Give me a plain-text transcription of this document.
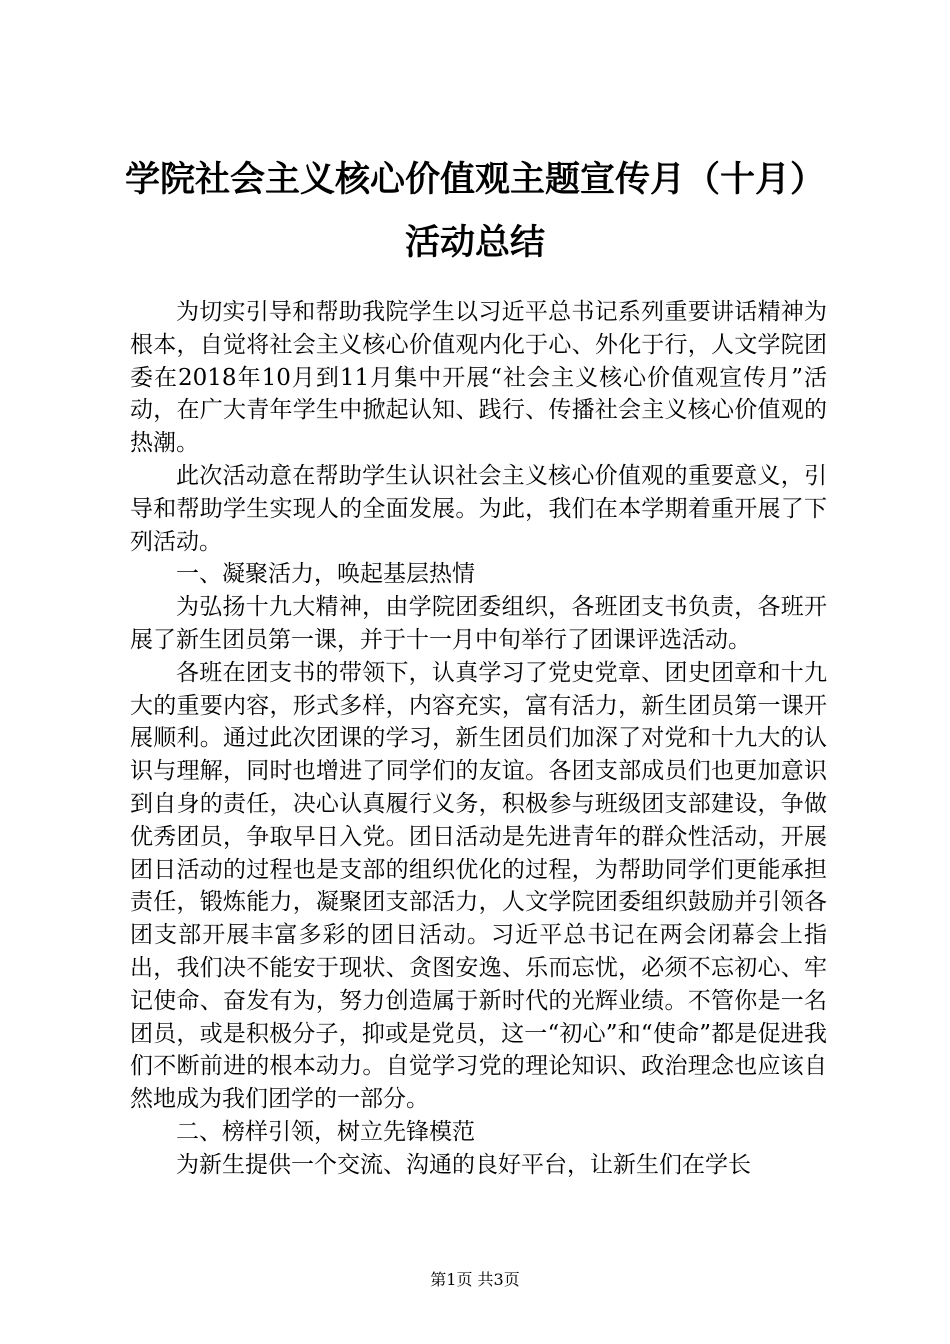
学院社会主义核心价值观主题宣传月（十月）
活动总结

为切实引导和帮助我院学生以习近平总书记系列重要讲话精神为根本，自觉将社会主义核心价值观内化于心、外化于行，人文学院团委在2018年10月到11月集中开展“社会主义核心价值观宣传月”活动，在广大青年学生中掀起认知、践行、传播社会主义核心价值观的热潮。

此次活动意在帮助学生认识社会主义核心价值观的重要意义，引导和帮助学生实现人的全面发展。为此，我们在本学期着重开展了下列活动。

一、凝聚活力，唤起基层热情

为弘扬十九大精神，由学院团委组织，各班团支书负责，各班开展了新生团员第一课，并于十一月中旬举行了团课评选活动。

各班在团支书的带领下，认真学习了党史党章、团史团章和十九大的重要内容，形式多样，内容充实，富有活力，新生团员第一课开展顺利。通过此次团课的学习，新生团员们加深了对党和十九大的认识与理解，同时也增进了同学们的友谊。各团支部成员们也更加意识到自身的责任，决心认真履行义务，积极参与班级团支部建设，争做优秀团员，争取早日入党。团日活动是先进青年的群众性活动，开展团日活动的过程也是支部的组织优化的过程，为帮助同学们更能承担责任，锻炼能力，凝聚团支部活力，人文学院团委组织鼓励并引领各团支部开展丰富多彩的团日活动。习近平总书记在两会闭幕会上指出，我们决不能安于现状、贪图安逸、乐而忘忧，必须不忘初心、牢记使命、奋发有为，努力创造属于新时代的光辉业绩。不管你是一名团员，或是积极分子，抑或是党员，这一“初心”和“使命”都是促进我们不断前进的根本动力。自觉学习党的理论知识、政治理念也应该自然地成为我们团学的一部分。

二、榜样引领，树立先锋模范

为新生提供一个交流、沟通的良好平台，让新生们在学长

第1页 共3页
